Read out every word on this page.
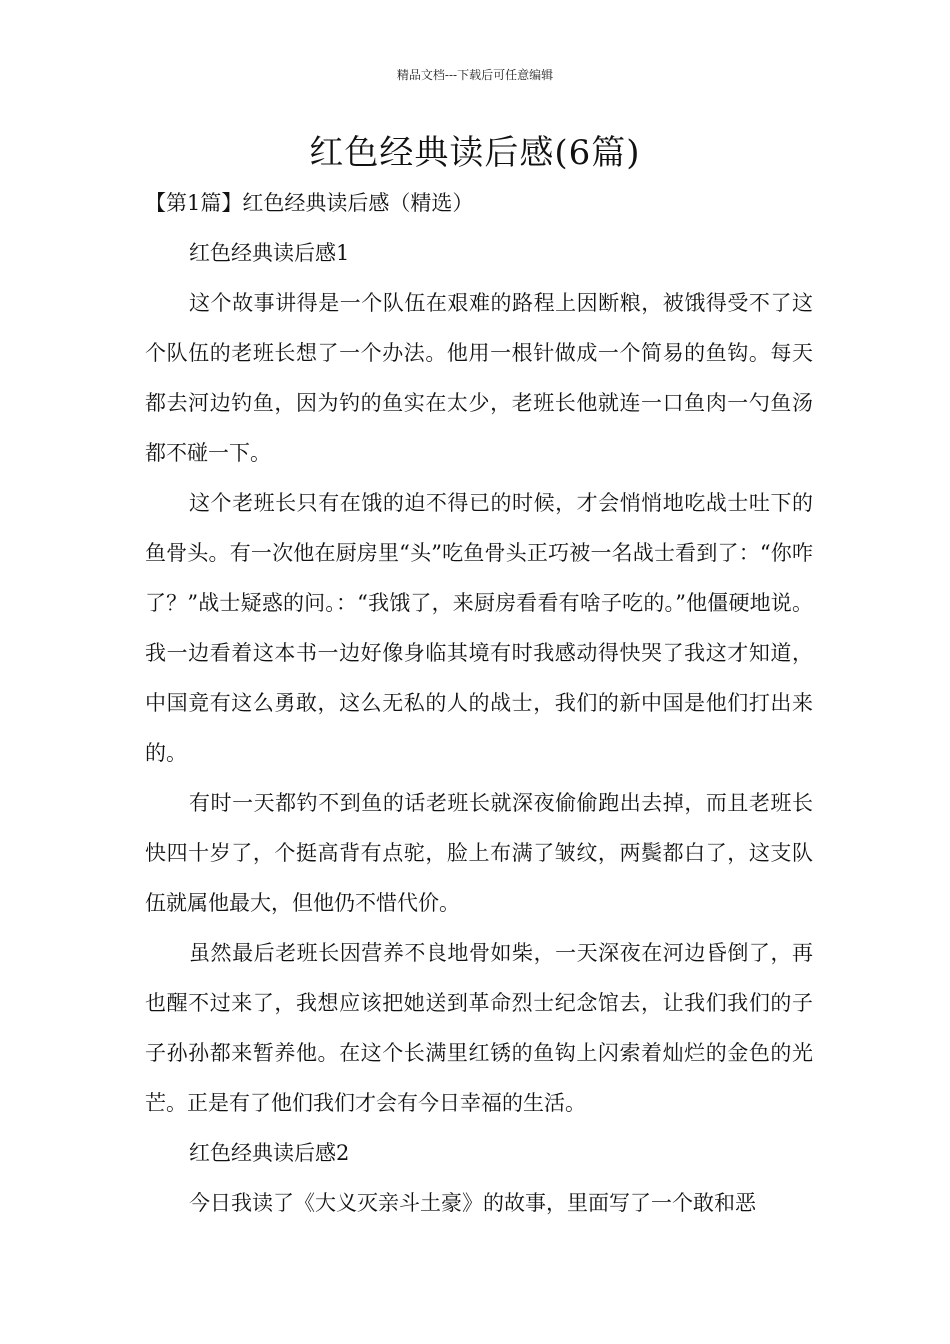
精品文档---下载后可任意编辑
红色经典读后感(6篇)

【第1篇】红色经典读后感（精选）

红色经典读后感1

这个故事讲得是一个队伍在艰难的路程上因断粮，被饿得受不了这个队伍的老班长想了一个办法。他用一根针做成一个简易的鱼钩。每天都去河边钓鱼，因为钓的鱼实在太少，老班长他就连一口鱼肉一勺鱼汤都不碰一下。

这个老班长只有在饿的迫不得已的时候，才会悄悄地吃战士吐下的鱼骨头。有一次他在厨房里“头”吃鱼骨头正巧被一名战士看到了：“你咋了？”战士疑惑的问。：“我饿了，来厨房看看有啥子吃的。”他僵硬地说。我一边看着这本书一边好像身临其境有时我感动得快哭了我这才知道，中国竟有这么勇敢，这么无私的人的战士，我们的新中国是他们打出来的。

有时一天都钓不到鱼的话老班长就深夜偷偷跑出去掉，而且老班长快四十岁了，个挺高背有点驼，脸上布满了皱纹，两鬓都白了，这支队伍就属他最大，但他仍不惜代价。

虽然最后老班长因营养不良地骨如柴，一天深夜在河边昏倒了，再也醒不过来了，我想应该把她送到革命烈士纪念馆去，让我们我们的子子孙孙都来暂养他。在这个长满里红锈的鱼钩上闪索着灿烂的金色的光芒。正是有了他们我们才会有今日幸福的生活。

红色经典读后感2

今日我读了《大义灭亲斗土豪》的故事，里面写了一个敢和恶
